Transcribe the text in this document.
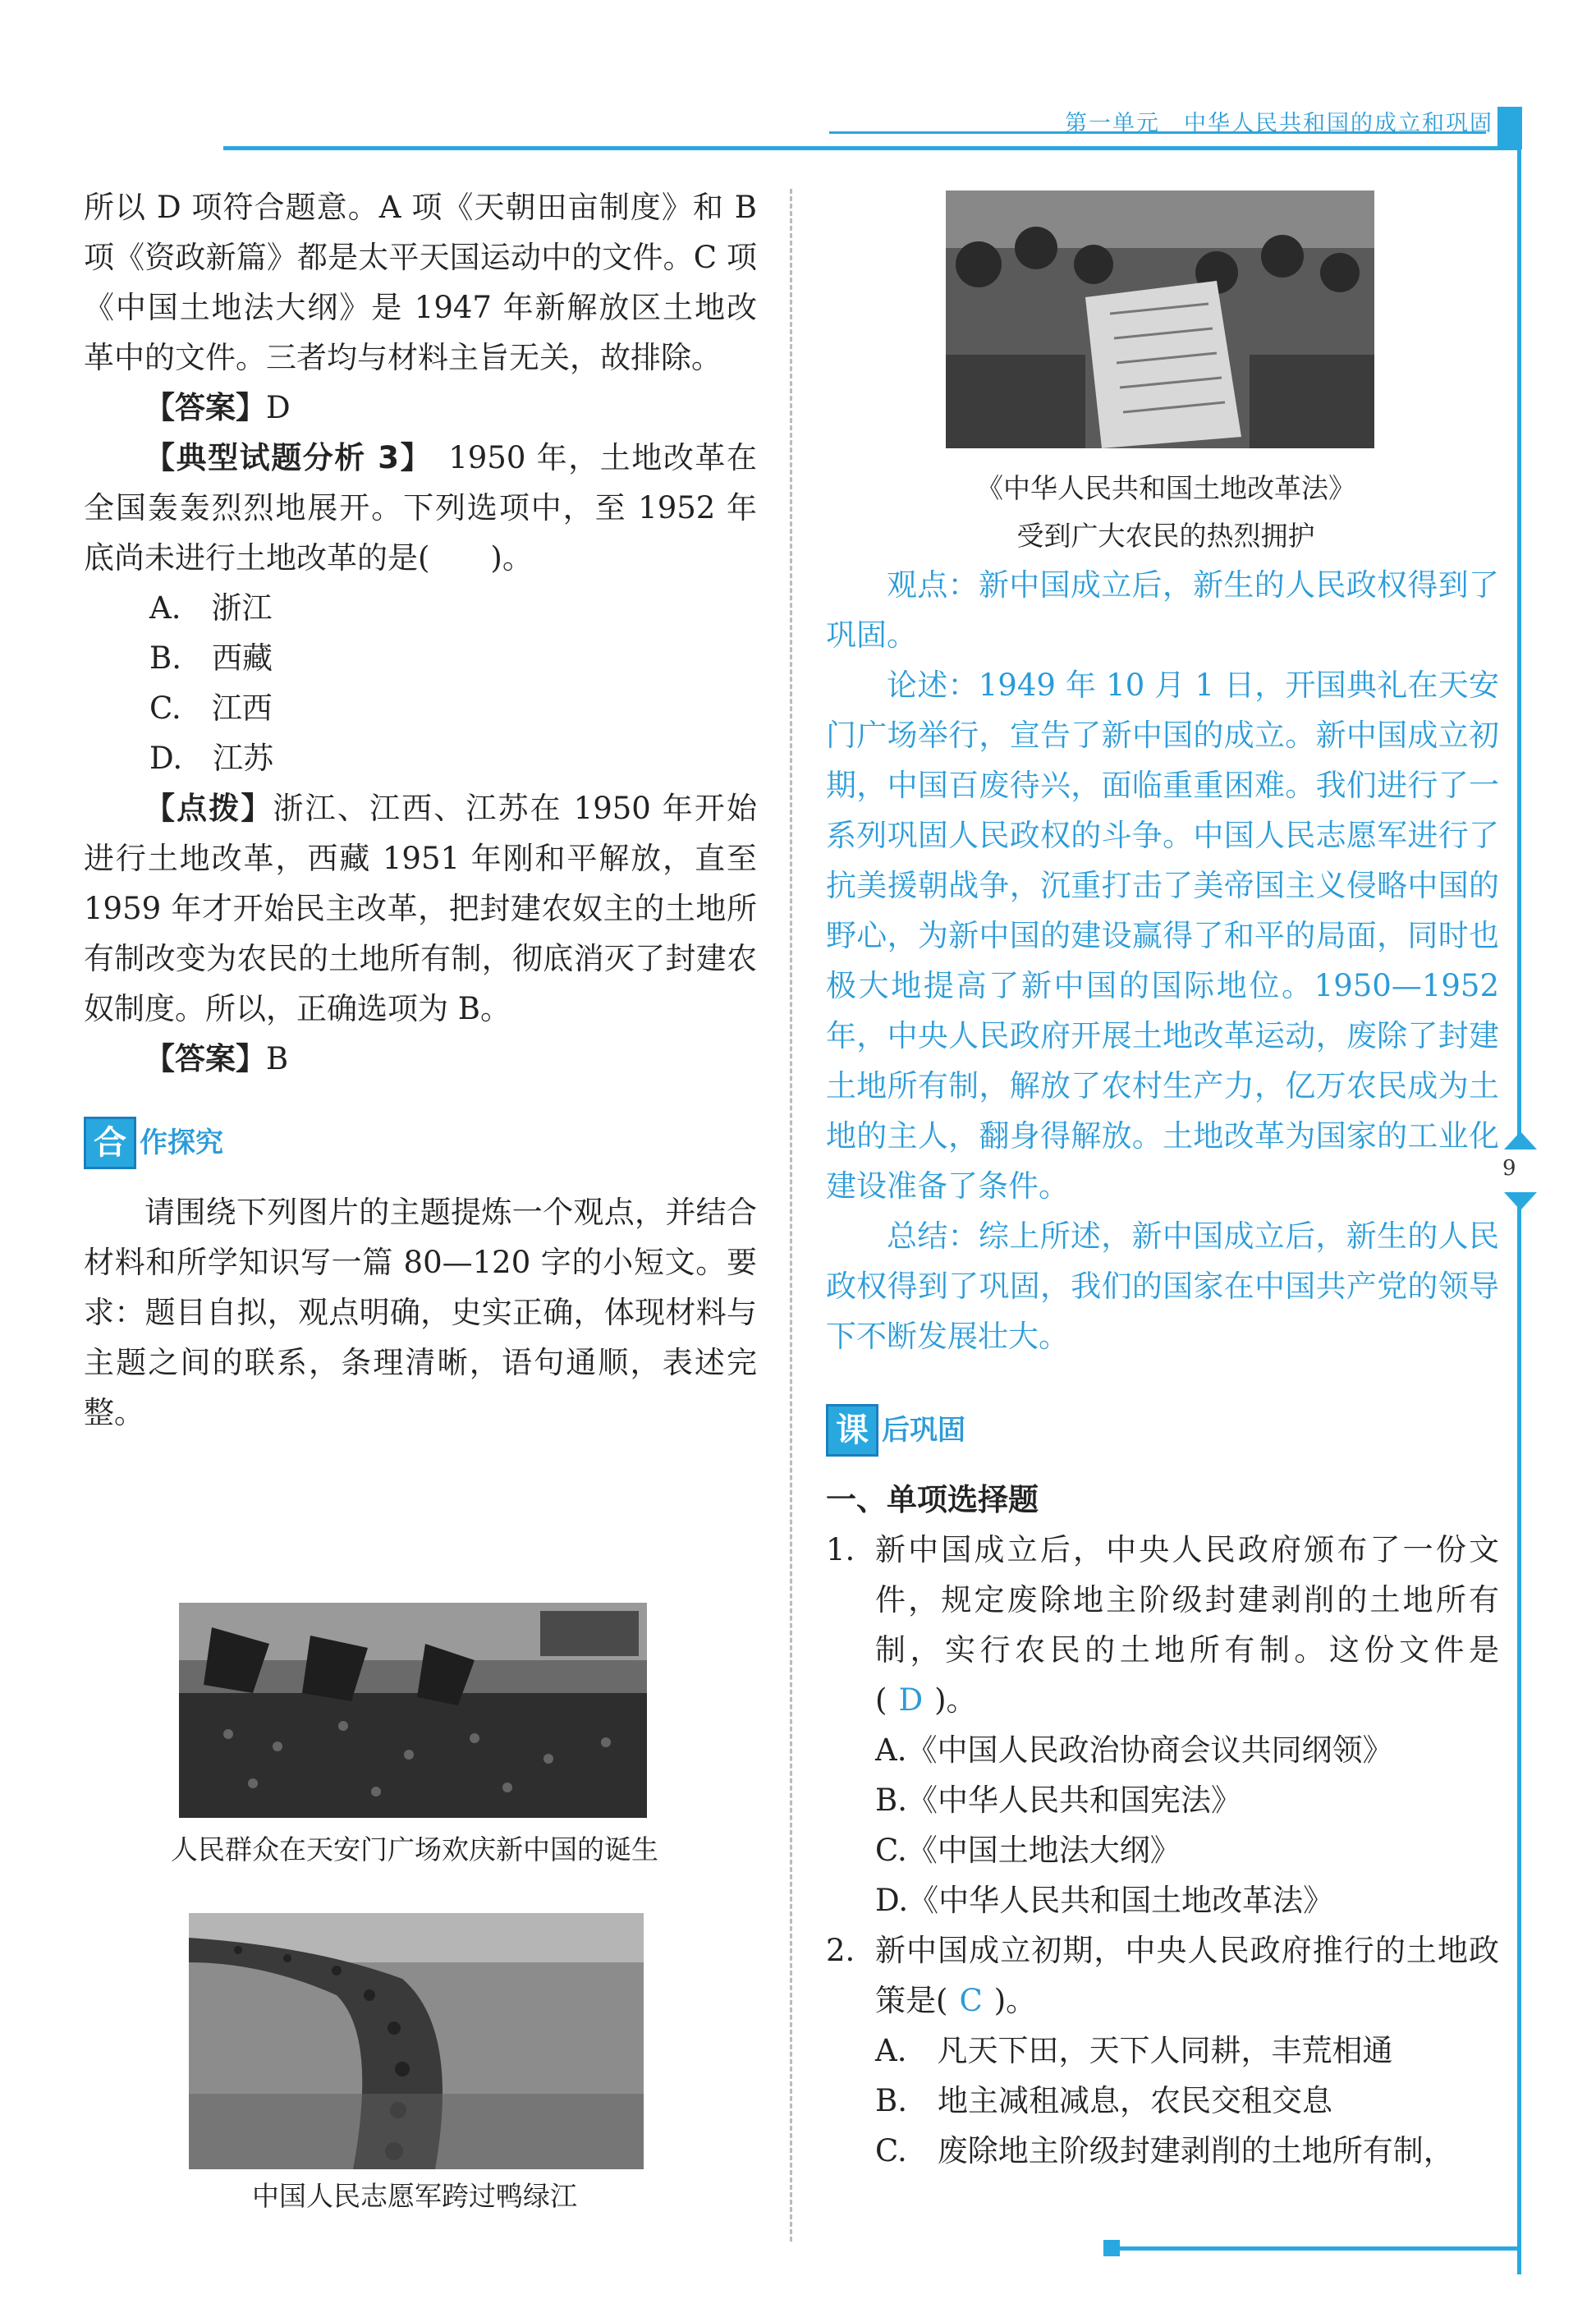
第一单元　中华人民共和国的成立和巩固
9

所以 D 项符合题意。A 项《天朝田亩制度》和 B 项《资政新篇》都是太平天国运动中的文件。C 项《中国土地法大纲》是 1947 年新解放区土地改革中的文件。三者均与材料主旨无关，故排除。

【答案】D

【典型试题分析 3】　1950 年，土地改革在全国轰轰烈烈地展开。下列选项中，至 1952 年底尚未进行土地改革的是(　　)。

A.　浙江

B.　西藏

C.　江西

D.　江苏

【点拨】浙江、江西、江苏在 1950 年开始进行土地改革，西藏 1951 年刚和平解放，直至 1959 年才开始民主改革，把封建农奴主的土地所有制改变为农民的土地所有制，彻底消灭了封建农奴制度。所以，正确选项为 B。

【答案】B

合 作探究

请围绕下列图片的主题提炼一个观点，并结合材料和所学知识写一篇 80—120 字的小短文。要求：题目自拟，观点明确，史实正确，体现材料与主题之间的联系，条理清晰，语句通顺，表述完整。

人民群众在天安门广场欢庆新中国的诞生
中国人民志愿军跨过鸭绿江
《中华人民共和国土地改革法》
受到广大农民的热烈拥护

观点：新中国成立后，新生的人民政权得到了巩固。

论述：1949 年 10 月 1 日，开国典礼在天安门广场举行，宣告了新中国的成立。新中国成立初期，中国百废待兴，面临重重困难。我们进行了一系列巩固人民政权的斗争。中国人民志愿军进行了抗美援朝战争，沉重打击了美帝国主义侵略中国的野心，为新中国的建设赢得了和平的局面，同时也极大地提高了新中国的国际地位。1950—1952 年，中央人民政府开展土地改革运动，废除了封建土地所有制，解放了农村生产力，亿万农民成为土地的主人，翻身得解放。土地改革为国家的工业化建设准备了条件。

总结：综上所述，新中国成立后，新生的人民政权得到了巩固，我们的国家在中国共产党的领导下不断发展壮大。

课 后巩固

一、单项选择题

1. 新中国成立后，中央人民政府颁布了一份文件，规定废除地主阶级封建剥削的土地所有制，实行农民的土地所有制。这份文件是( D )。

A.《中国人民政治协商会议共同纲领》

B.《中华人民共和国宪法》

C.《中国土地法大纲》

D.《中华人民共和国土地改革法》

2. 新中国成立初期，中央人民政府推行的土地政策是( C )。

A.　凡天下田，天下人同耕，丰荒相通

B.　地主减租减息，农民交租交息

C.　废除地主阶级封建剥削的土地所有制，
